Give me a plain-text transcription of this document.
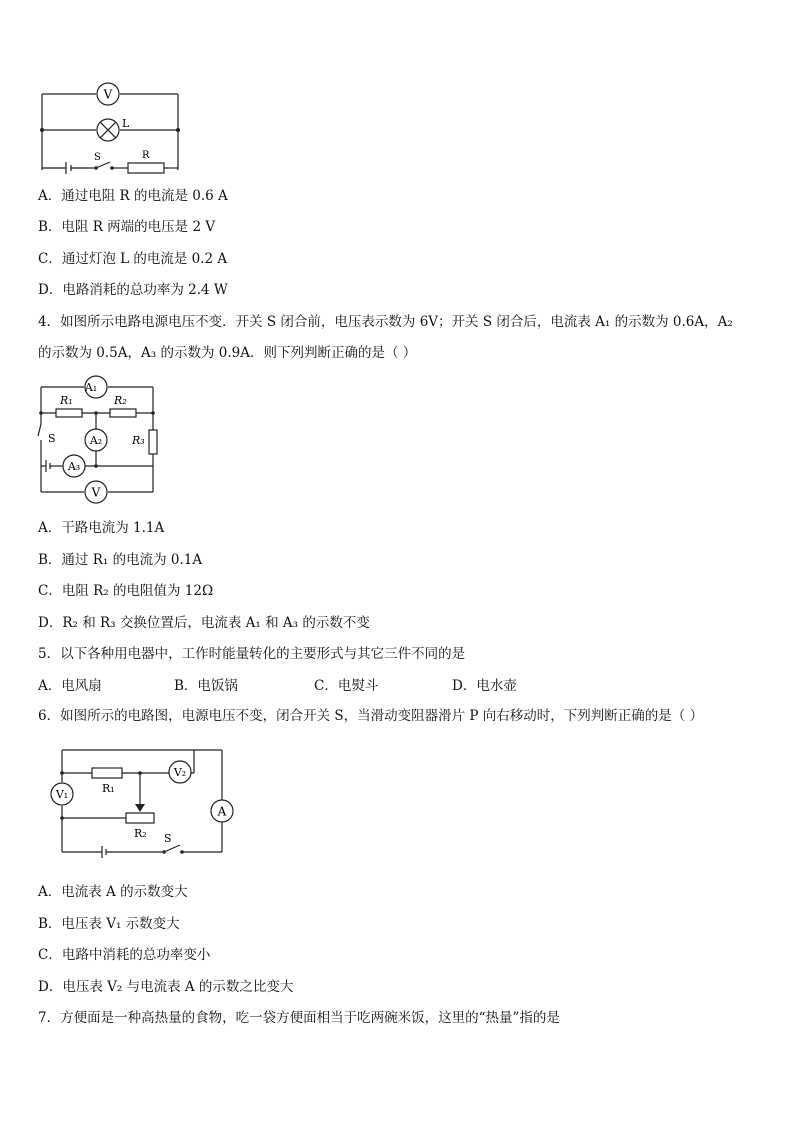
V
L
S	R
A．通过电阻 R 的电流是 0.6 A
B．电阻 R 两端的电压是 2 V
C．通过灯泡 L 的电流是 0.2 A
D．电路消耗的总功率为 2.4 W
4．如图所示电路电源电压不变．开关 S 闭合前，电压表示数为 6V；开关 S 闭合后，电流表 A₁ 的示数为 0.6A，A₂
的示数为 0.5A，A₃ 的示数为 0.9A．则下列判断正确的是（ ）
A₁
R₁	R₂
A₂	R₃
S
A₃
V
A．干路电流为 1.1A
B．通过 R₁ 的电流为 0.1A
C．电阻 R₂ 的电阻值为 12Ω
D．R₂ 和 R₃ 交换位置后，电流表 A₁ 和 A₃ 的示数不变
5．以下各种用电器中，工作时能量转化的主要形式与其它三件不同的是
A．电风扇	B．电饭锅	C．电熨斗	D．电水壶
6．如图所示的电路图，电源电压不变，闭合开关 S，当滑动变阻器滑片 P 向右移动时，下列判断正确的是（ ）
V₁
A
R₁
V₂
R₂ S
A．电流表 A 的示数变大
B．电压表 V₁ 示数变大
C．电路中消耗的总功率变小
D．电压表 V₂ 与电流表 A 的示数之比变大
7．方便面是一种高热量的食物，吃一袋方便面相当于吃两碗米饭，这里的“热量”指的是
